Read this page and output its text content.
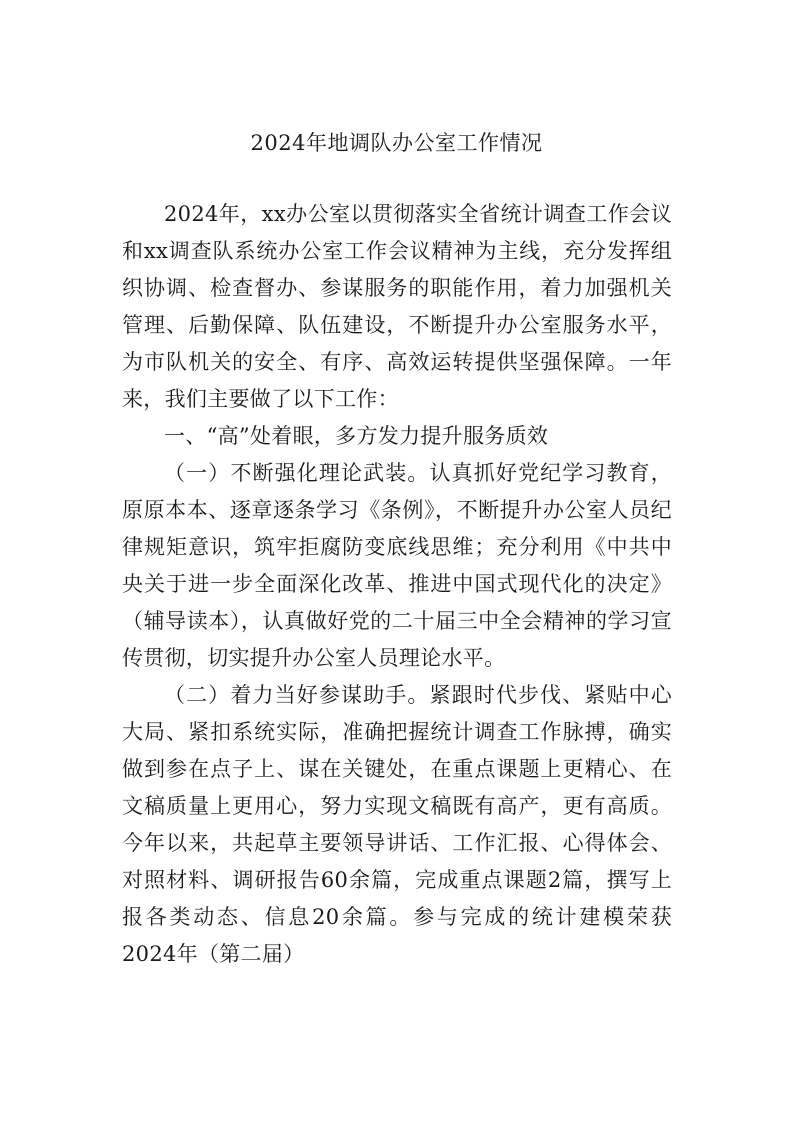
2024年地调队办公室工作情况

2024年，xx办公室以贯彻落实全省统计调查工作会议和xx调查队系统办公室工作会议精神为主线，充分发挥组织协调、检查督办、参谋服务的职能作用，着力加强机关管理、后勤保障、队伍建设，不断提升办公室服务水平，为市队机关的安全、有序、高效运转提供坚强保障。一年来，我们主要做了以下工作：

一、“高”处着眼，多方发力提升服务质效

（一）不断强化理论武装。认真抓好党纪学习教育，原原本本、逐章逐条学习《条例》，不断提升办公室人员纪律规矩意识，筑牢拒腐防变底线思维；充分利用《中共中央关于进一步全面深化改革、推进中国式现代化的决定》（辅导读本），认真做好党的二十届三中全会精神的学习宣传贯彻，切实提升办公室人员理论水平。

（二）着力当好参谋助手。紧跟时代步伐、紧贴中心大局、紧扣系统实际，准确把握统计调查工作脉搏，确实做到参在点子上、谋在关键处，在重点课题上更精心、在文稿质量上更用心，努力实现文稿既有高产，更有高质。今年以来，共起草主要领导讲话、工作汇报、心得体会、对照材料、调研报告60余篇，完成重点课题2篇，撰写上报各类动态、信息20余篇。参与完成的统计建模荣获2024年（第二届）
